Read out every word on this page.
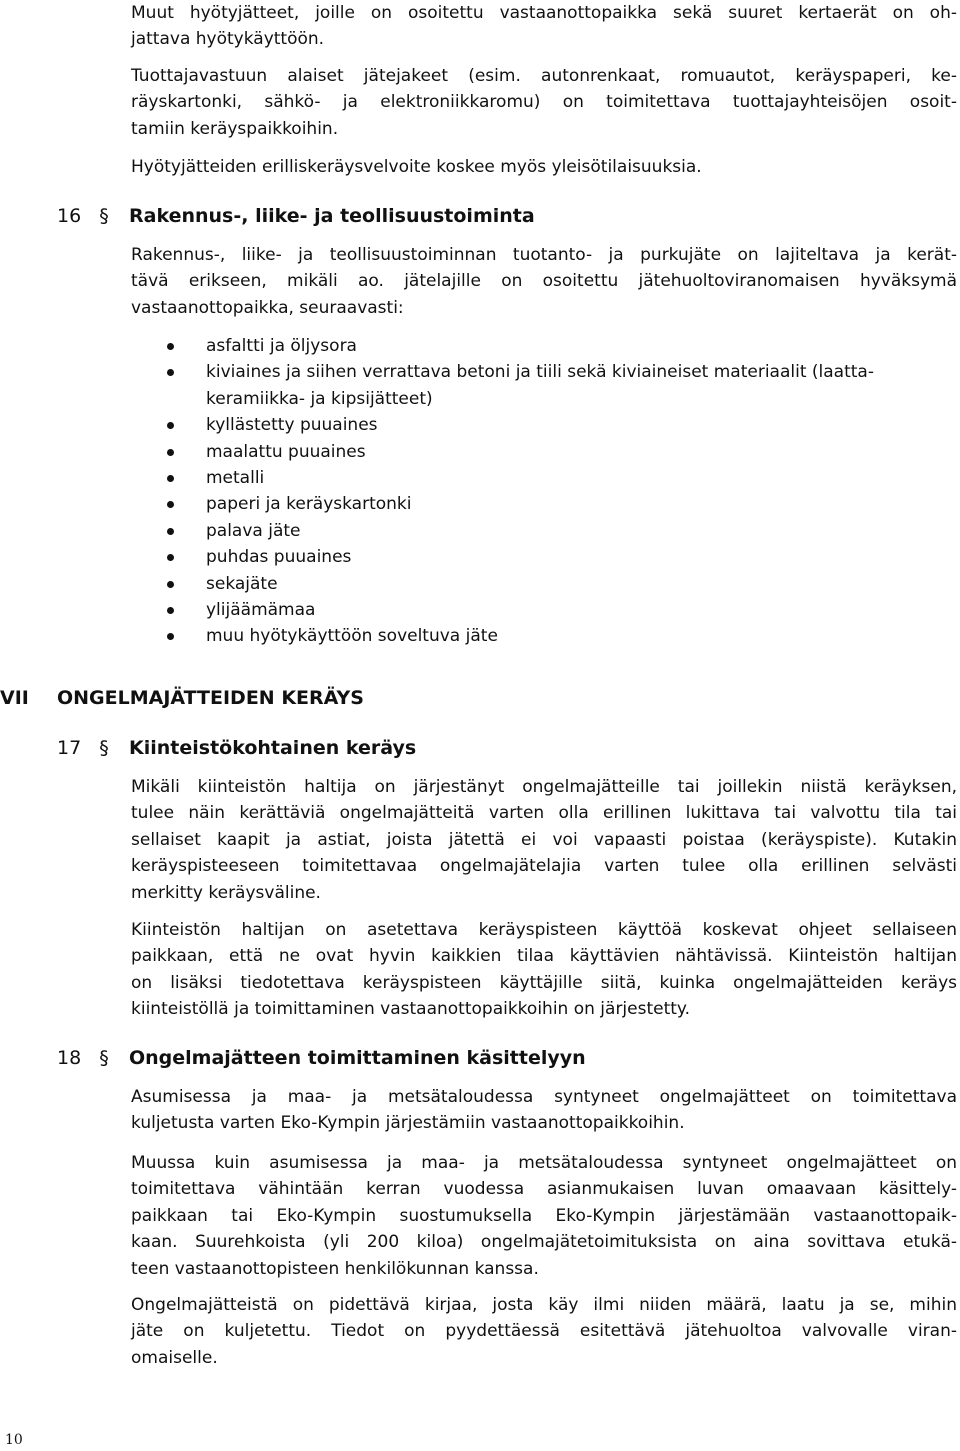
Muut hyötyjätteet, joille on osoitettu vastaanottopaikka sekä suuret kertaerät on oh-
jattava hyötykäyttöön.
Tuottajavastuun alaiset jätejakeet (esim. autonrenkaat, romuautot, keräyspaperi, ke-
räyskartonki, sähkö- ja elektroniikkaromu) on toimitettava tuottajayhteisöjen osoit-
tamiin keräyspaikkoihin.
Hyötyjätteiden erilliskeräysvelvoite koskee myös yleisötilaisuuksia.
16 § Rakennus-, liike- ja teollisuustoiminta
Rakennus-, liike- ja teollisuustoiminnan tuotanto- ja purkujäte on lajiteltava ja kerät-
tävä erikseen, mikäli ao. jätelajille on osoitettu jätehuoltoviranomaisen hyväksymä
vastaanottopaikka, seuraavasti:
asfaltti ja öljysora
kiviaines ja siihen verrattava betoni ja tiili sekä kiviaineiset materiaalit (laatta-
keramiikka- ja kipsijätteet)
kyllästetty puuaines
maalattu puuaines
metalli
paperi ja keräyskartonki
palava jäte
puhdas puuaines
sekajäte
ylijäämämaa
muu hyötykäyttöön soveltuva jäte
VII ONGELMAJÄTTEIDEN KERÄYS
17 § Kiinteistökohtainen keräys
Mikäli kiinteistön haltija on järjestänyt ongelmajätteille tai joillekin niistä keräyksen,
tulee näin kerättäviä ongelmajätteitä varten olla erillinen lukittava tai valvottu tila tai
sellaiset kaapit ja astiat, joista jätettä ei voi vapaasti poistaa (keräyspiste). Kutakin
keräyspisteeseen toimitettavaa ongelmajätelajia varten tulee olla erillinen selvästi
merkitty keräysväline.
Kiinteistön haltijan on asetettava keräyspisteen käyttöä koskevat ohjeet sellaiseen
paikkaan, että ne ovat hyvin kaikkien tilaa käyttävien nähtävissä. Kiinteistön haltijan
on lisäksi tiedotettava keräyspisteen käyttäjille siitä, kuinka ongelmajätteiden keräys
kiinteistöllä ja toimittaminen vastaanottopaikkoihin on järjestetty.
18 § Ongelmajätteen toimittaminen käsittelyyn
Asumisessa ja maa- ja metsätaloudessa syntyneet ongelmajätteet on toimitettava
kuljetusta varten Eko-Kympin järjestämiin vastaanottopaikkoihin.
Muussa kuin asumisessa ja maa- ja metsätaloudessa syntyneet ongelmajätteet on
toimitettava vähintään kerran vuodessa asianmukaisen luvan omaavaan käsittely-
paikkaan tai Eko-Kympin suostumuksella Eko-Kympin järjestämään vastaanottopaik-
kaan. Suurehkoista (yli 200 kiloa) ongelmajätetoimituksista on aina sovittava etukä-
teen vastaanottopisteen henkilökunnan kanssa.
Ongelmajätteistä on pidettävä kirjaa, josta käy ilmi niiden määrä, laatu ja se, mihin
jäte on kuljetettu. Tiedot on pyydettäessä esitettävä jätehuoltoa valvovalle viran-
omaiselle.
10
